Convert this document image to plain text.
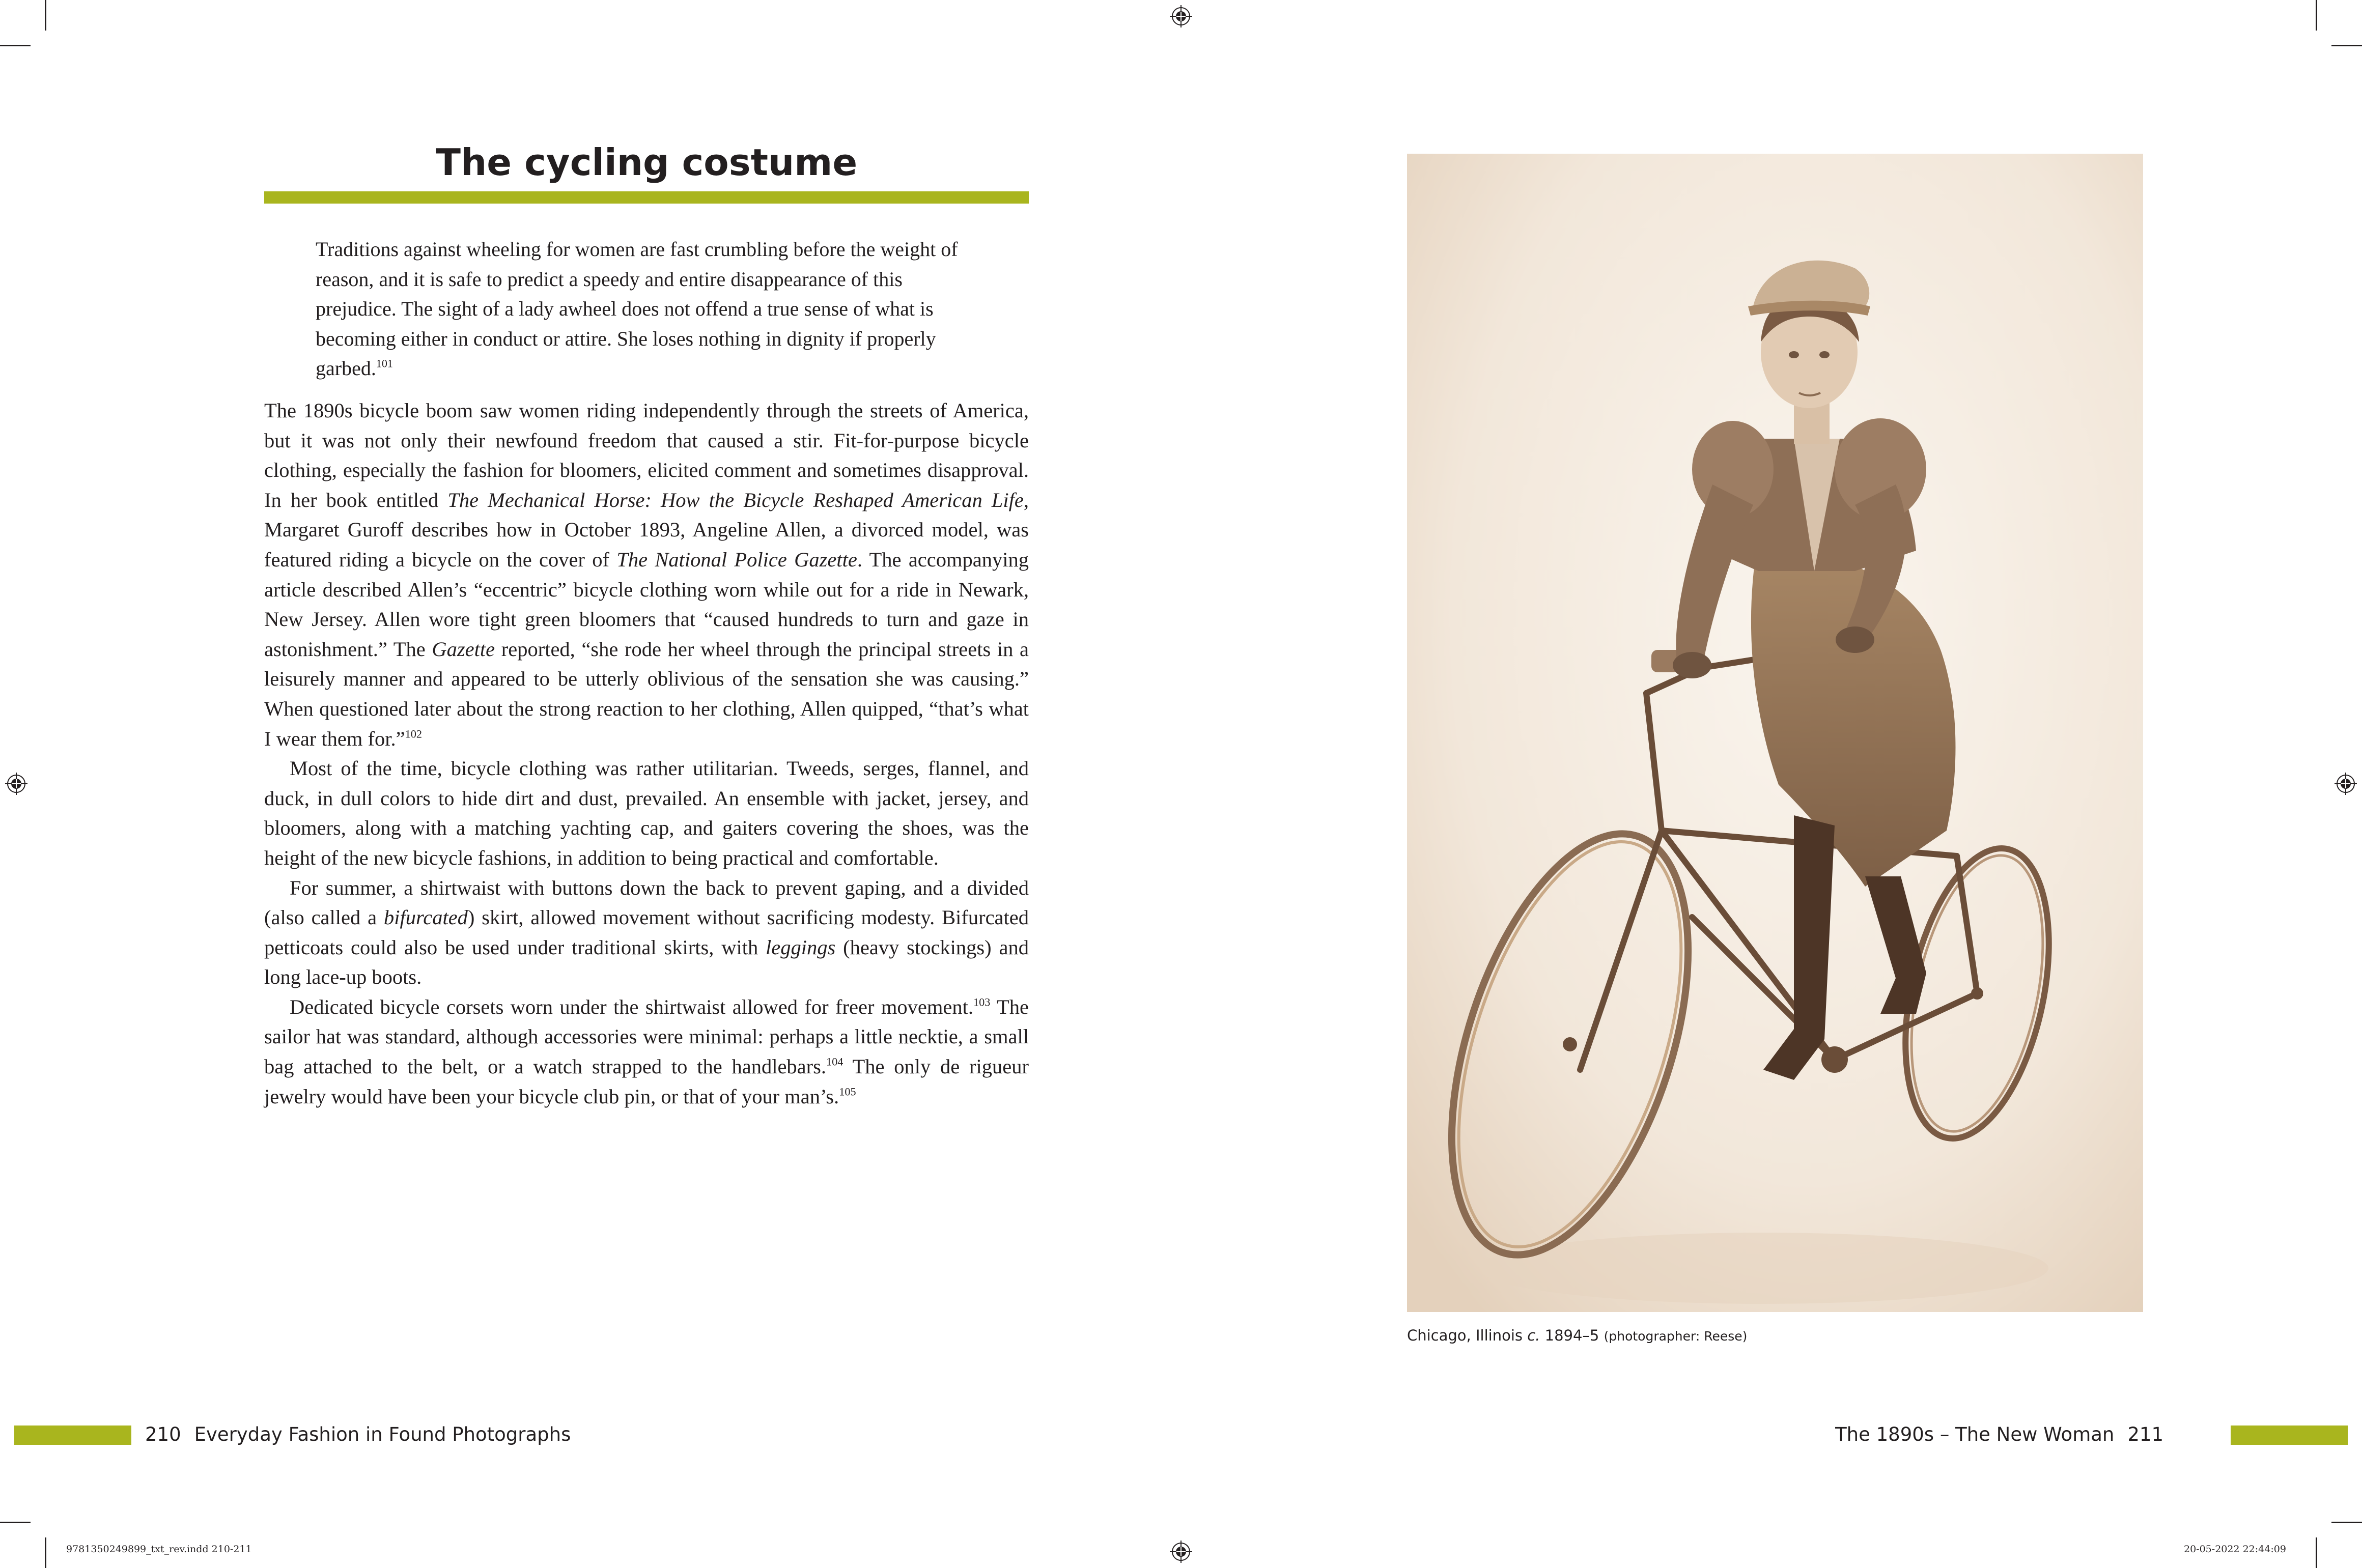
The cycling costume
Traditions against wheeling for women are fast crumbling before the weight of reason, and it is safe to predict a speedy and entire disappearance of this prejudice. The sight of a lady awheel does not offend a true sense of what is becoming either in conduct or attire. She loses nothing in dignity if properly garbed.$^{101}$

The 1890s bicycle boom saw women riding independently through the streets of America, but it was not only their newfound freedom that caused a stir. Fit-for-purpose bicycle clothing, especially the fashion for bloomers, elicited comment and sometimes disapproval. In her book entitled The Mechanical Horse: How the Bicycle Reshaped American Life, Margaret Guroff describes how in October 1893, Angeline Allen, a divorced model, was featured riding a bicycle on the cover of The National Police Gazette. The accompanying article described Allen’s “eccentric” bicycle clothing worn while out for a ride in Newark, New Jersey. Allen wore tight green bloomers that “caused hundreds to turn and gaze in astonishment.” The Gazette reported, “she rode her wheel through the principal streets in a leisurely manner and appeared to be utterly oblivious of the sensation she was causing.” When questioned later about the strong reaction to her clothing, Allen quipped, “that’s what I wear them for.”$^{102}$

Most of the time, bicycle clothing was rather utilitarian. Tweeds, serges, flannel, and duck, in dull colors to hide dirt and dust, prevailed. An ensemble with jacket, jersey, and bloomers, along with a matching yachting cap, and gaiters covering the shoes, was the height of the new bicycle fashions, in addition to being practical and comfortable.

For summer, a shirtwaist with buttons down the back to prevent gaping, and a divided (also called a bifurcated) skirt, allowed movement without sacrificing modesty. Bifurcated petticoats could also be used under traditional skirts, with leggings (heavy stockings) and long lace-up boots.

Dedicated bicycle corsets worn under the shirtwaist allowed for freer movement.$^{103}$ The sailor hat was standard, although accessories were minimal: perhaps a little necktie, a small bag attached to the belt, or a watch strapped to the handlebars.$^{104}$ The only de rigueur jewelry would have been your bicycle club pin, or that of your man’s.$^{105}$

Chicago, Illinois c. 1894–5 (photographer: Reese)
210 Everyday Fashion in Found Photographs	The 1890s – The New Woman 211
9781350249899_txt_rev.indd 210-211	20-05-2022 22:44:09
